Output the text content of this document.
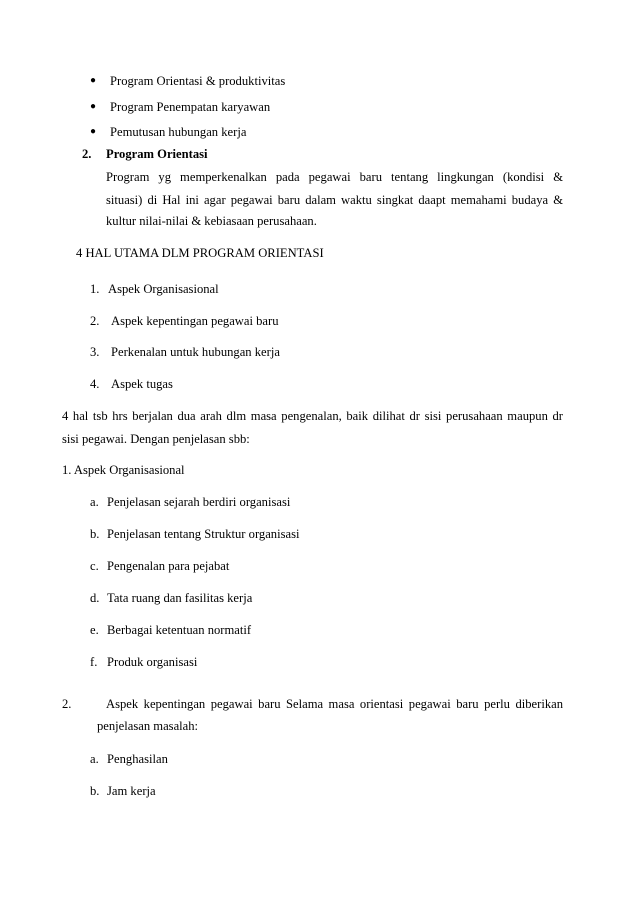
● Program Orientasi & produktivitas
● Program Penempatan karyawan
● Pemutusan hubungan kerja
2. Program Orientasi
Program yg memperkenalkan pada pegawai baru tentang lingkungan (kondisi &
situasi) di Hal ini agar pegawai baru dalam waktu singkat daapt memahami budaya &
kultur nilai-nilai & kebiasaan perusahaan.
4 HAL UTAMA DLM PROGRAM ORIENTASI
1. Aspek Organisasional
2. Aspek kepentingan pegawai baru
3. Perkenalan untuk hubungan kerja
4. Aspek tugas
4 hal tsb hrs berjalan dua arah dlm masa pengenalan, baik dilihat dr sisi perusahaan maupun dr
sisi pegawai. Dengan penjelasan sbb:
1. Aspek Organisasional
a. Penjelasan sejarah berdiri organisasi
b. Penjelasan tentang Struktur organisasi
c. Pengenalan para pejabat
d. Tata ruang dan fasilitas kerja
e. Berbagai ketentuan normatif
f. Produk organisasi
2.	Aspek kepentingan pegawai baru Selama masa orientasi pegawai baru perlu diberikan
penjelasan masalah:
a. Penghasilan
b. Jam kerja
